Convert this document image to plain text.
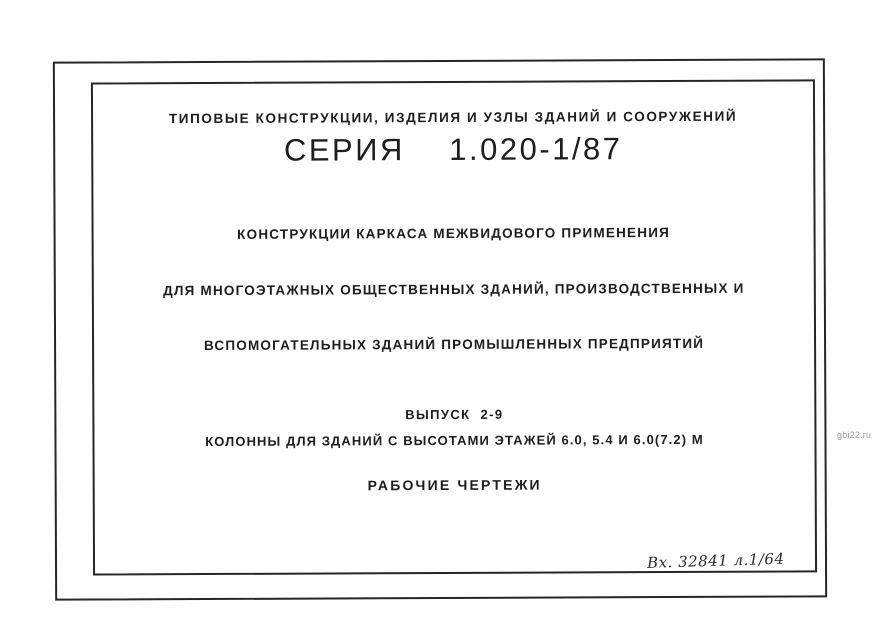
ТИПОВЫЕ КОНСТРУКЦИИ, ИЗДЕЛИЯ И УЗЛЫ ЗДАНИЙ И СООРУЖЕНИЙ
СЕРИЯ    1.020-1/87

КОНСТРУКЦИИ КАРКАСА МЕЖВИДОВОГО ПРИМЕНЕНИЯ

ДЛЯ МНОГОЭТАЖНЫХ ОБЩЕСТВЕННЫХ ЗДАНИЙ, ПРОИЗВОДСТВЕННЫХ И

ВСПОМОГАТЕЛЬНЫХ ЗДАНИЙ ПРОМЫШЛЕННЫХ ПРЕДПРИЯТИЙ

ВЫПУСК  2-9
КОЛОННЫ ДЛЯ ЗДАНИЙ С ВЫСОТАМИ ЭТАЖЕЙ 6.0, 5.4 И 6.0(7.2) М
РАБОЧИЕ ЧЕРТЕЖИ
Вх. 32841 л.1/64
gbi22.ru
